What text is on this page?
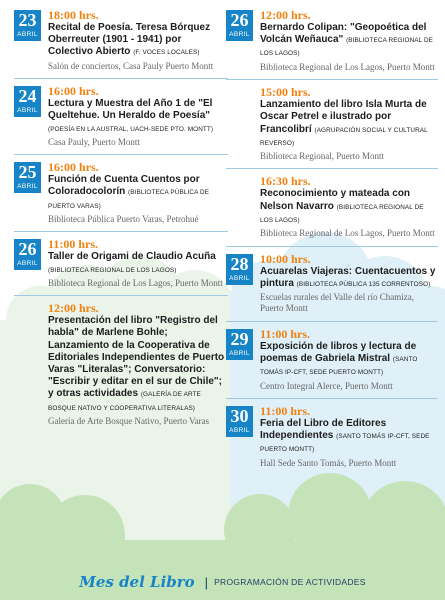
23
ABRIL
18:00 hrs.
Recital de Poesía. Teresa Bórquez Oberreuter (1901 - 1941) por Colectivo Abierto (F. VOCES LOCALES)
Salón de conciertos, Casa Pauly Puerto Montt
24
ABRIL
16:00 hrs.
Lectura y Muestra del Año 1 de "El Queltehue. Un Heraldo de Poesía" (POESÍA EN LA AUSTRAL, UACH-SEDE PTO. MONTT)
Casa Pauly, Puerto Montt
25
ABRIL
16:00 hrs.
Función de Cuenta Cuentos por Coloradocolorín (BIBLIOTECA PÚBLICA DE PUERTO VARAS)
Biblioteca Pública Puerto Varas, Petrohué
26
ABRIL
11:00 hrs.
Taller de Origami de Claudio Acuña (BIBLIOTECA REGIONAL DE LOS LAGOS)
Biblioteca Regional de Los Lagos, Puerto Montt
12:00 hrs.
Presentación del libro "Registro del habla" de Marlene Bohle; Lanzamiento de la Cooperativa de Editoriales Independientes de Puerto Varas "Literalas"; Conversatorio: "Escribir y editar en el sur de Chile"; y otras actividades (GALERÍA DE ARTE BOSQUE NATIVO Y COOPERATIVA LITERALAS)
Galería de Arte Bosque Nativo, Puerto Varas
26
ABRIL
12:00 hrs.
Bernardo Colipan: "Geopoética del Volcán Weñauca" (BIBLIOTECA REGIONAL DE LOS LAGOS)
Biblioteca Regional de Los Lagos, Puerto Montt
15:00 hrs.
Lanzamiento del libro Isla Murta de Oscar Petrel e ilustrado por Francolibrí (AGRUPACIÓN SOCIAL Y CULTURAL REVERSO)
Biblioteca Regional, Puerto Montt
16:30 hrs.
Reconocimiento y mateada con Nelson Navarro (BIBLIOTECA REGIONAL DE LOS LAGOS)
Biblioteca Regional de Los Lagos, Puerto Montt
28
ABRIL
10:00 hrs.
Acuarelas Viajeras: Cuentacuentos y pintura (BIBLIOTECA PÚBLICA 135 CORRENTOSO)
Escuelas rurales del Valle del río Chamiza, Puerto Montt
29
ABRIL
11:00 hrs.
Exposición de libros y lectura de poemas de Gabriela Mistral (SANTO TOMÁS IP-CFT, SEDE PUERTO MONTT)
Centro Integral Alerce, Puerto Montt
30
ABRIL
11:00 hrs.
Feria del Libro de Editores Independientes (SANTO TOMÁS IP-CFT, SEDE PUERTO MONTT)
Hall Sede Santo Tomás, Puerto Montt
Mes del Libro | PROGRAMACIÓN DE ACTIVIDADES
